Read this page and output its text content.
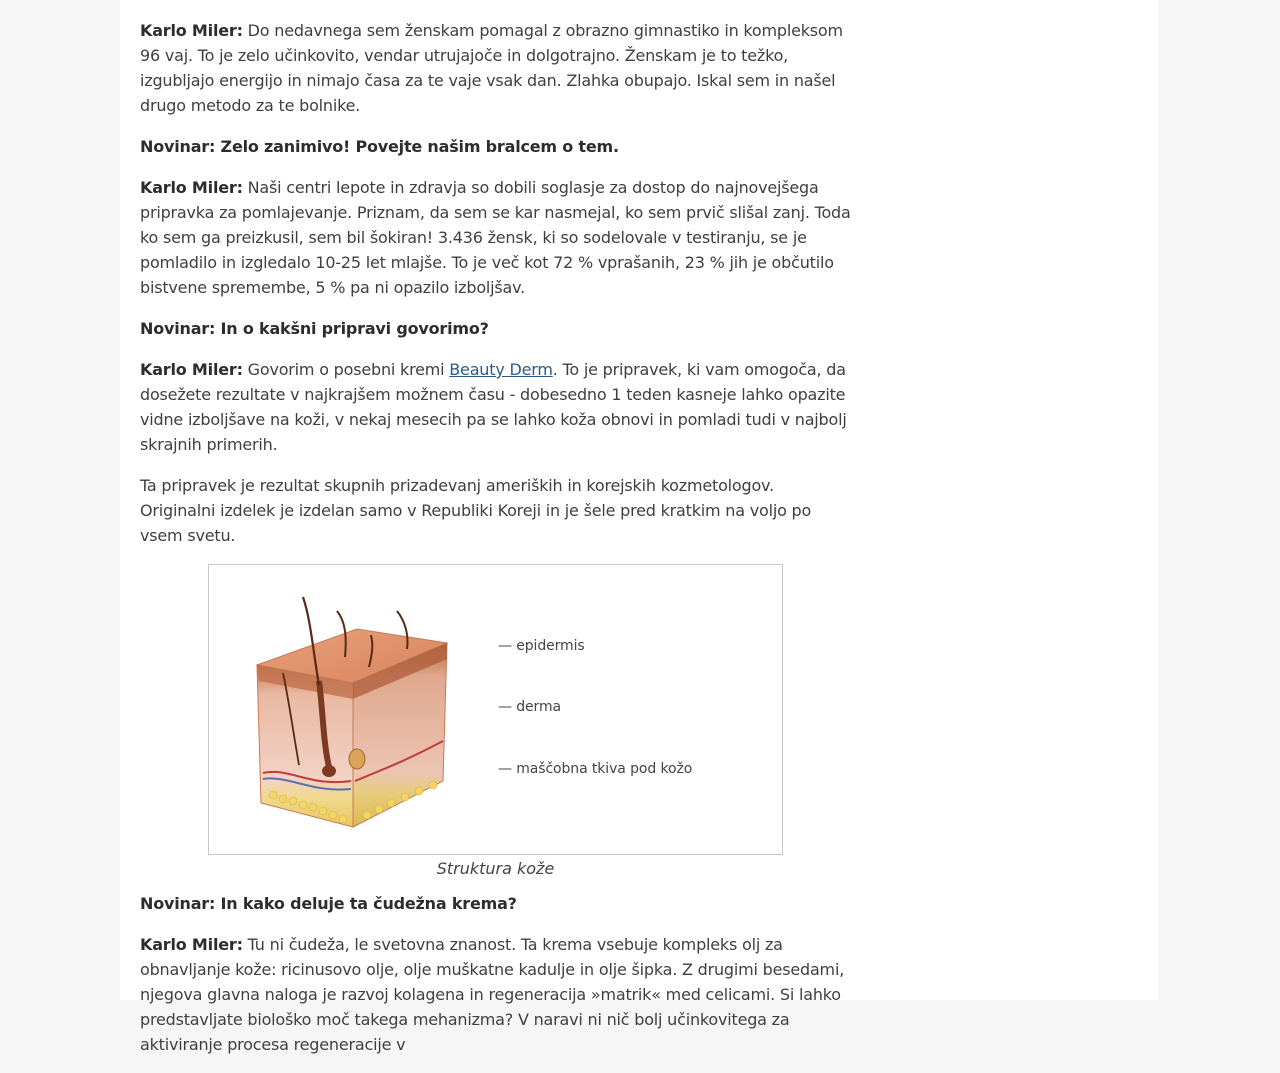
Karlo Miler: Do nedavnega sem ženskam pomagal z obrazno gimnastiko in kompleksom 96 vaj. To je zelo učinkovito, vendar utrujajoče in dolgotrajno. Ženskam je to težko, izgubljajo energijo in nimajo časa za te vaje vsak dan. Zlahka obupajo. Iskal sem in našel drugo metodo za te bolnike.

Novinar: Zelo zanimivo! Povejte našim bralcem o tem.

Karlo Miler: Naši centri lepote in zdravja so dobili soglasje za dostop do najnovejšega pripravka za pomlajevanje. Priznam, da sem se kar nasmejal, ko sem prvič slišal zanj. Toda ko sem ga preizkusil, sem bil šokiran! 3.436 žensk, ki so sodelovale v testiranju, se je pomladilo in izgledalo 10-25 let mlajše. To je več kot 72 % vprašanih, 23 % jih je občutilo bistvene spremembe, 5 % pa ni opazilo izboljšav.

Novinar: In o kakšni pripravi govorimo?

Karlo Miler: Govorim o posebni kremi Beauty Derm. To je pripravek, ki vam omogoča, da dosežete rezultate v najkrajšem možnem času - dobesedno 1 teden kasneje lahko opazite vidne izboljšave na koži, v nekaj mesecih pa se lahko koža obnovi in pomladi tudi v najbolj skrajnih primerih.

Ta pripravek je rezultat skupnih prizadevanj ameriških in korejskih kozmetologov. Originalni izdelek je izdelan samo v Republiki Koreji in je šele pred kratkim na voljo po vsem svetu.

— epidermis
— derma
— maščobna tkiva pod kožo
Struktura kože

Novinar: In kako deluje ta čudežna krema?

Karlo Miler: Tu ni čudeža, le svetovna znanost. Ta krema vsebuje kompleks olj za obnavljanje kože: ricinusovo olje, olje muškatne kadulje in olje šipka. Z drugimi besedami, njegova glavna naloga je razvoj kolagena in regeneracija »matrik« med celicami. Si lahko predstavljate biološko moč takega mehanizma? V naravi ni nič bolj učinkovitega za aktiviranje procesa regeneracije v
